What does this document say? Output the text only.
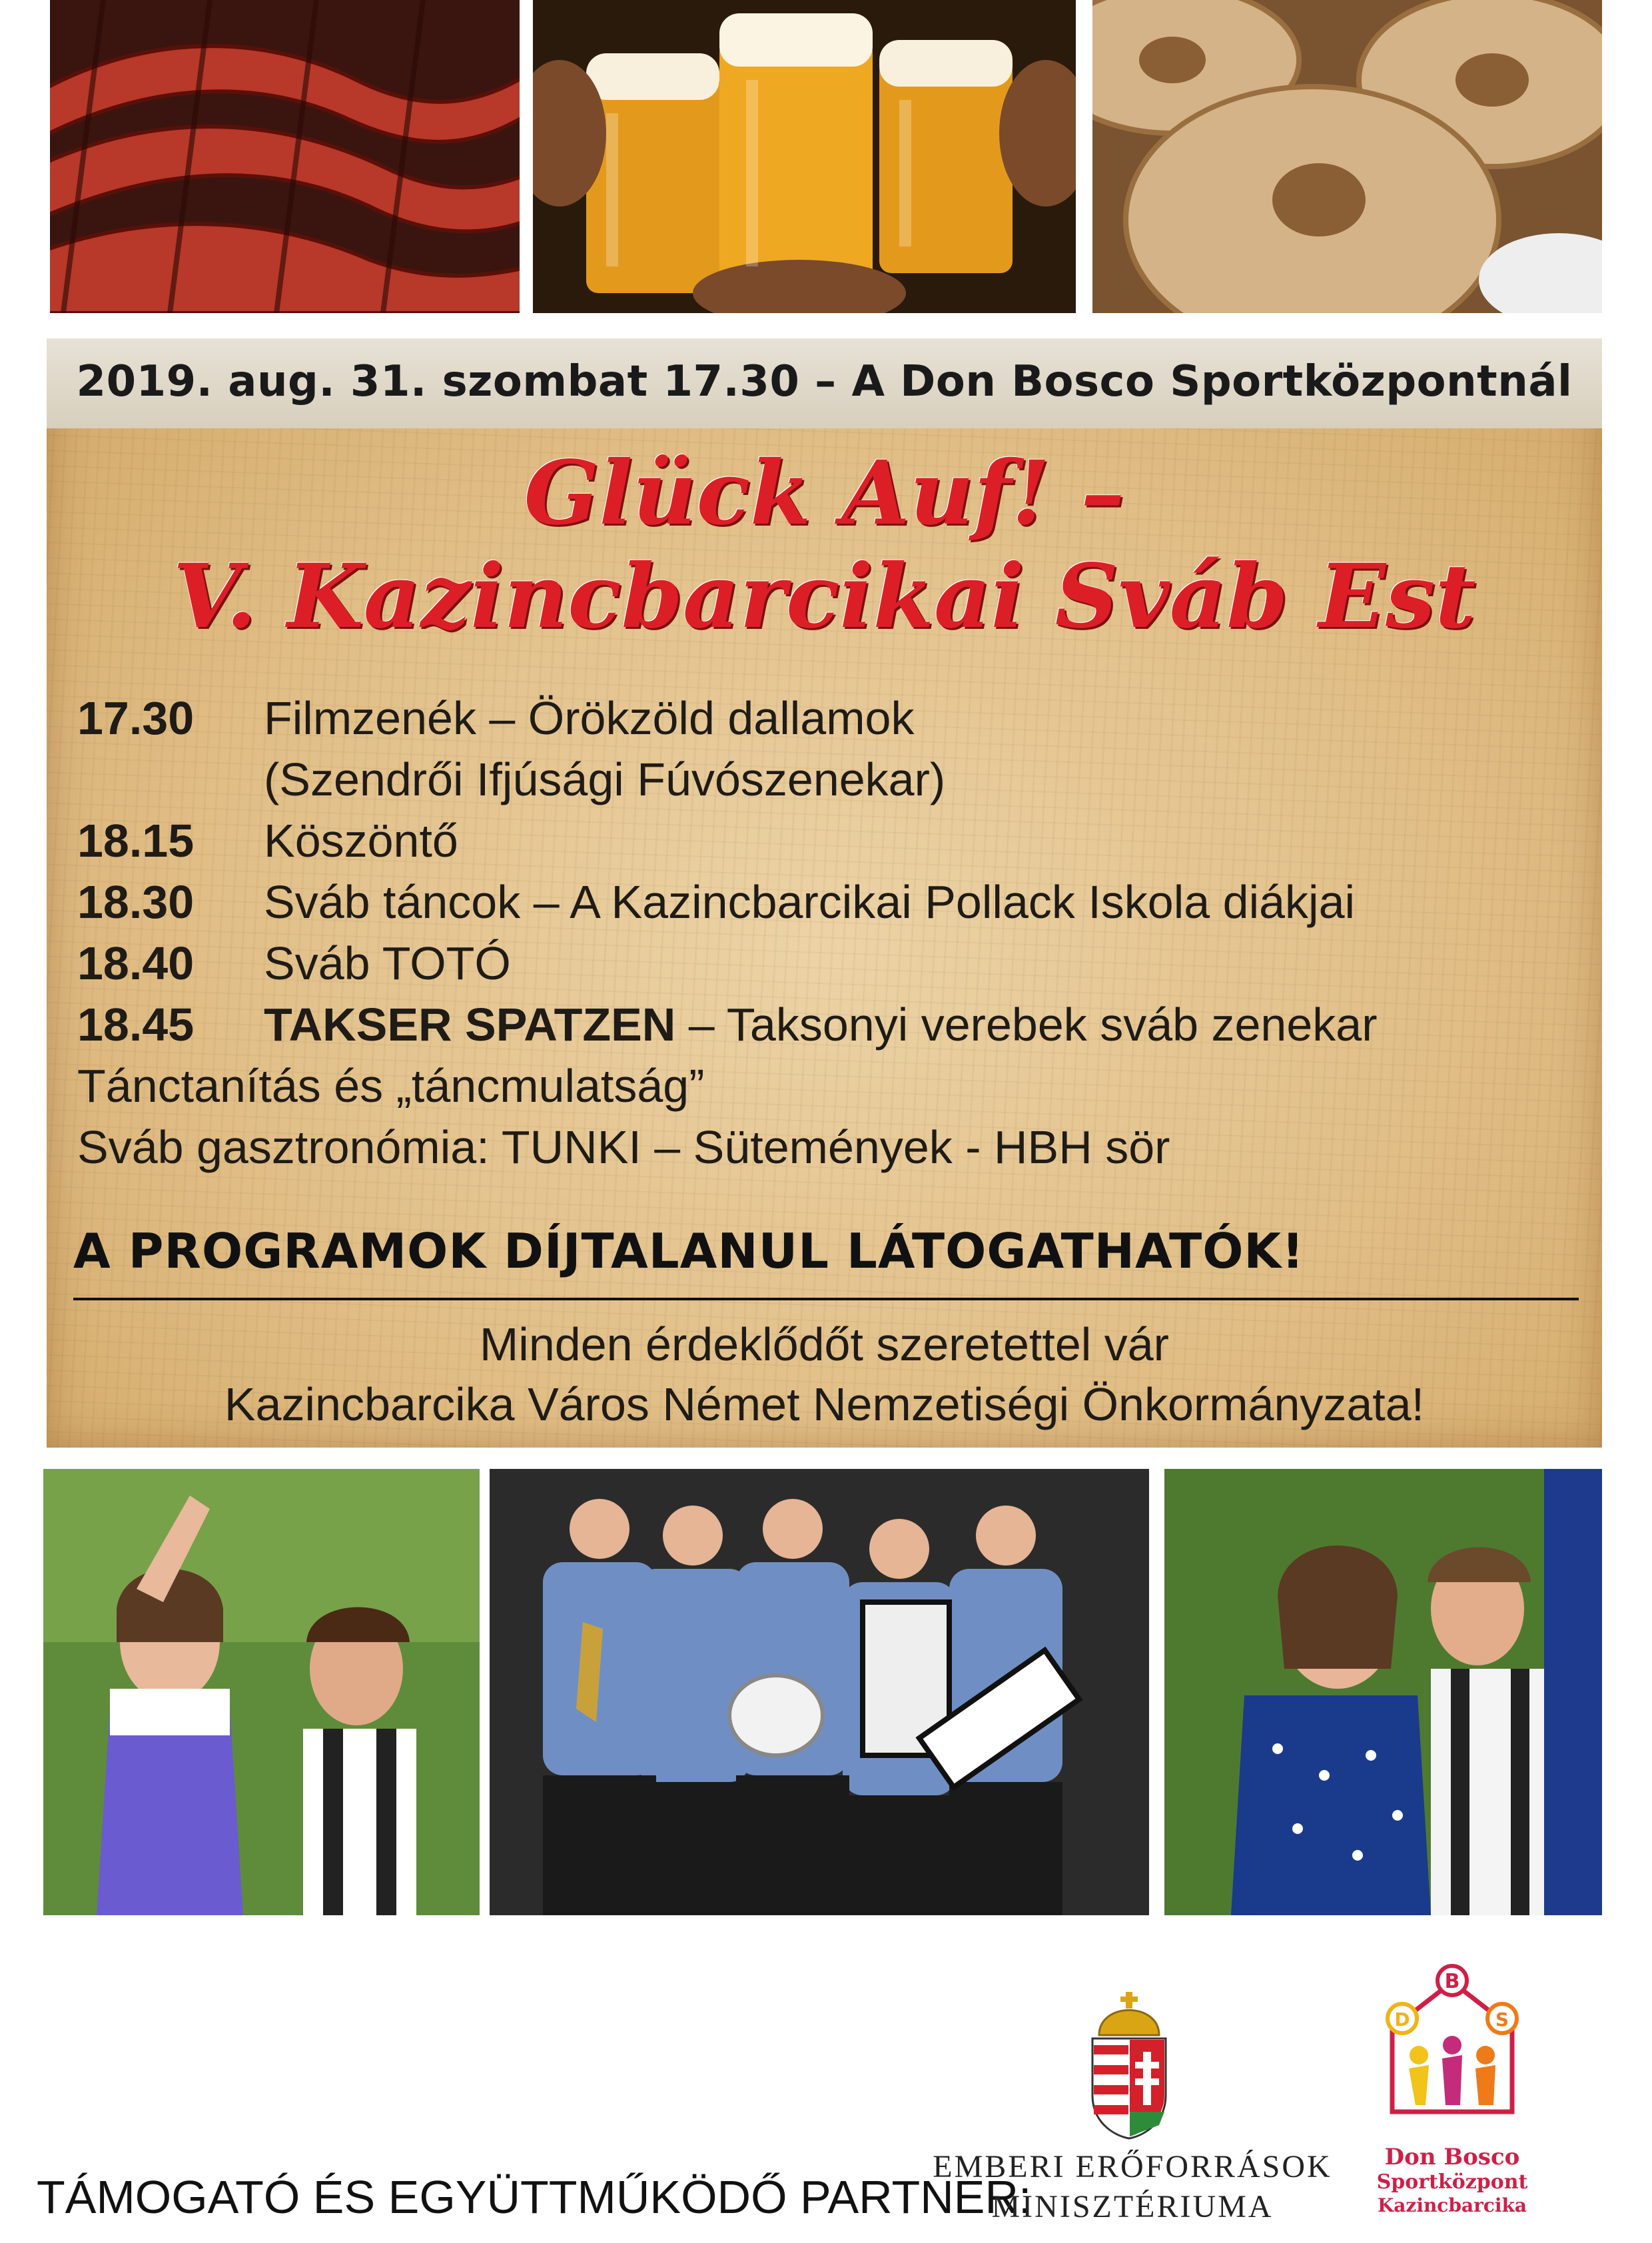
2019. aug. 31. szombat 17.30 – A Don Bosco Sportközpontnál
Glück Auf! –
V. Kazincbarcikai Sváb Est
17.30 Filmzenék – Örökzöld dallamok
(Szendrői Ifjúsági Fúvószenekar)
18.15 Köszöntő
18.30 Sváb táncok – A Kazincbarcikai Pollack Iskola diákjai
18.40 Sváb TOTÓ
18.45 TAKSER SPATZEN – Taksonyi verebek sváb zenekar
Tánctanítás és „táncmulatság”
Sváb gasztronómia: TUNKI – Sütemények - HBH sör
A PROGRAMOK DÍJTALANUL LÁTOGATHATÓK!
Minden érdeklődőt szeretettel vár
Kazincbarcika Város Német Nemzetiségi Önkormányzata!
TÁMOGATÓ ÉS EGYÜTTMŰKÖDŐ PARTNER:
EMBERI ERŐFORRÁSOK
MINISZTÉRIUMA
B
D	S
Don Bosco
Sportközpont
Kazincbarcika
